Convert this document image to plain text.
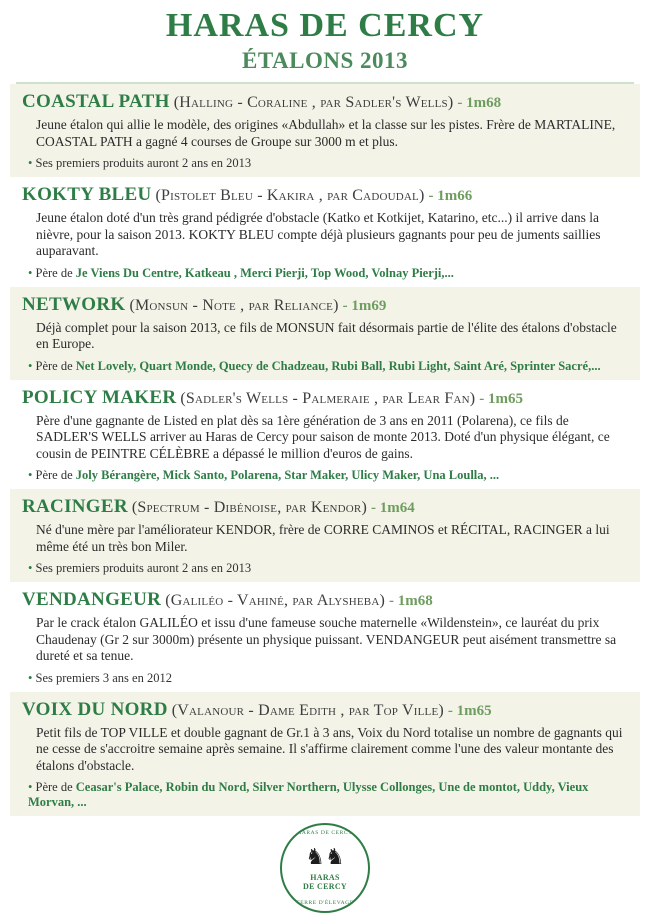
HARAS DE CERCY
ÉTALONS 2013
COASTAL PATH (Halling - Coraline , par Sadler's Wells) - 1m68
Jeune étalon qui allie le modèle, des origines «Abdullah» et la classe sur les pistes. Frère de MARTALINE, COASTAL PATH a gagné 4 courses de Groupe sur 3000 m et plus.
• Ses premiers produits auront 2 ans en 2013
KOKTY BLEU (Pistolet Bleu - Kakira , par Cadoudal) - 1m66
Jeune étalon doté d'un très grand pédigrée d'obstacle (Katko et Kotkijet, Katarino, etc...) il arrive dans la nièvre, pour la saison 2013. KOKTY BLEU compte déjà plusieurs gagnants pour peu de juments saillies auparavant.
• Père de Je Viens Du Centre, Katkeau , Merci Pierji, Top Wood, Volnay Pierji,...
NETWORK (Monsun - Note , par Reliance) - 1m69
Déjà complet pour la saison 2013, ce fils de MONSUN fait désormais partie de l'élite des étalons d'obstacle en Europe.
• Père de Net Lovely, Quart Monde, Quecy de Chadzeau, Rubi Ball, Rubi Light, Saint Aré, Sprinter Sacré,...
POLICY MAKER (Sadler's Wells - Palmeraie , par Lear Fan) - 1m65
Père d'une gagnante de Listed en plat dès sa 1ère génération de 3 ans en 2011 (Polarena), ce fils de SADLER'S WELLS arriver au Haras de Cercy pour saison de monte 2013. Doté d'un physique élégant, ce cousin de PEINTRE CÉLÈBRE a dépassé le million d'euros de gains.
• Père de Joly Bérangère, Mick Santo, Polarena, Star Maker, Ulicy Maker, Una Loulla, ...
RACINGER (Spectrum - Dibénoise, par Kendor) - 1m64
Né d'une mère par l'améliorateur KENDOR, frère de CORRE CAMINOS et RÉCITAL, RACINGER a lui même été un très bon Miler.
• Ses premiers produits auront 2 ans en 2013
VENDANGEUR (Galiléo - Vahiné, par Alysheba) - 1m68
Par le crack étalon GALILÉO et issu d'une fameuse souche maternelle «Wildenstein», ce lauréat du prix Chaudenay (Gr 2 sur 3000m) présente un physique puissant. VENDANGEUR peut aisément transmettre sa dureté et sa tenue.
• Ses premiers 3 ans en 2012
VOIX DU NORD (Valanour - Dame Edith , par Top Ville) - 1m65
Petit fils de TOP VILLE et double gagnant de Gr.1 à 3 ans, Voix du Nord totalise un nombre de gagnants qui ne cesse de s'accroitre semaine après semaine. Il s'affirme clairement comme l'une des valeur montante des étalons d'obstacle.
• Père de Ceasar's Palace, Robin du Nord, Silver Northern, Ulysse Collonges, Une de montot, Uddy, Vieux Morvan, ...
HARAS DE CERCY
♞♞
HARAS
DE CERCY
TERRE D'ÉLEVAGE
